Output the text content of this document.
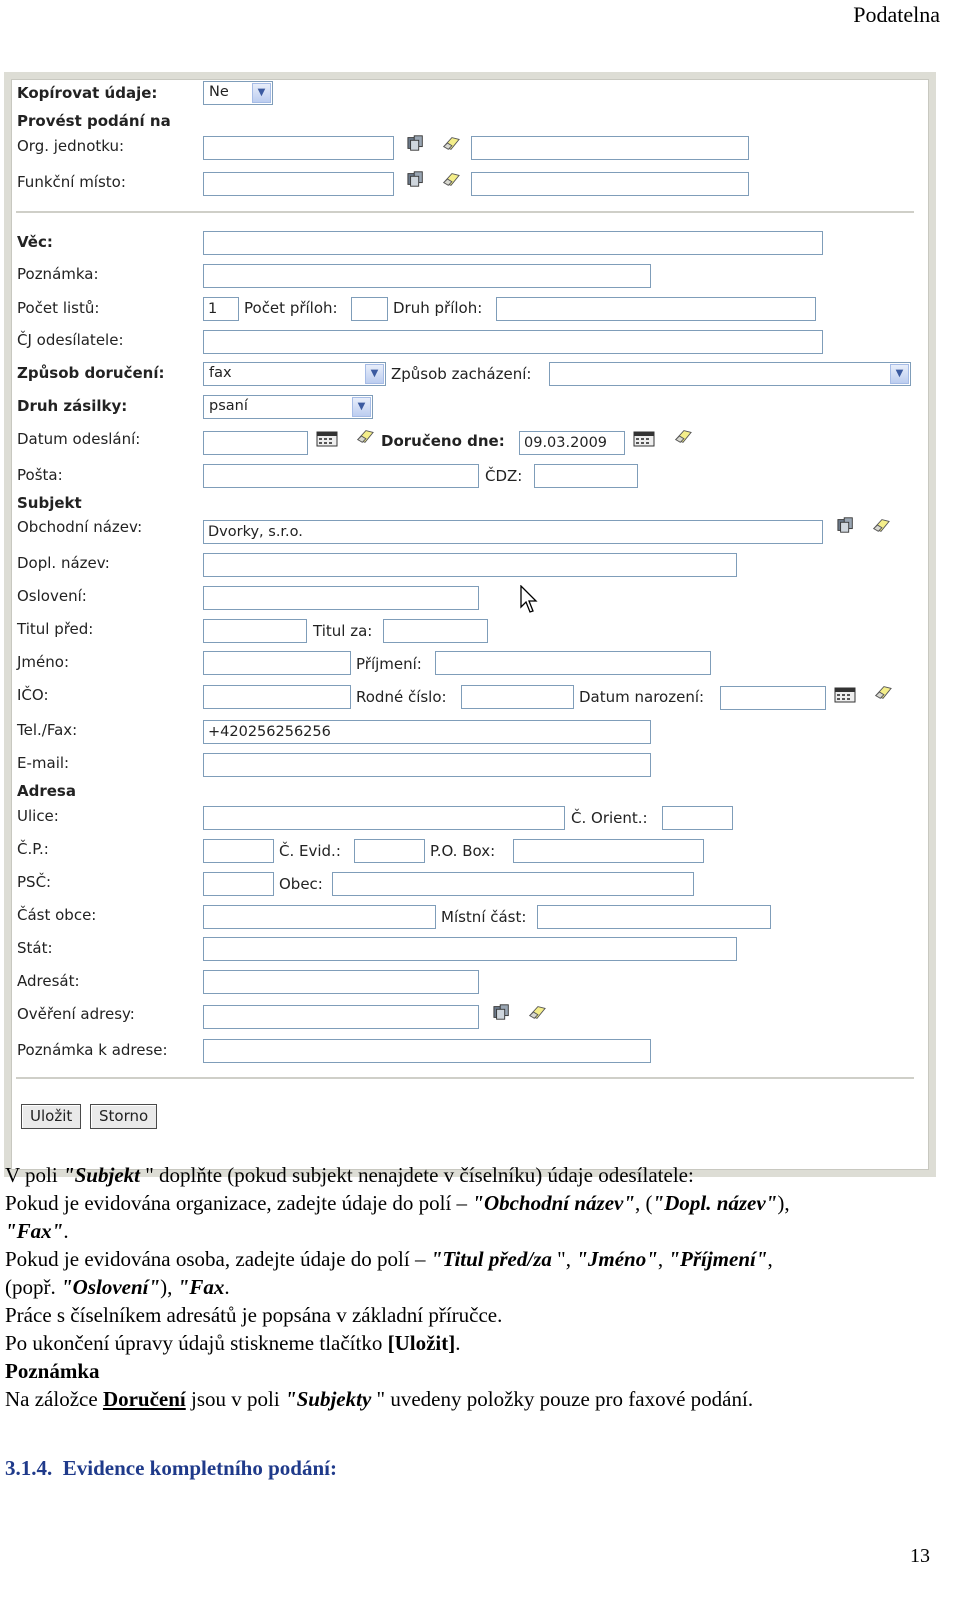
Podatelna
Kopírovat údaje:	Ne	▼
Provést podání na
Org. jednotku:
Funkční místo:
Věc:
Poznámka:
Počet listů:	1	Počet příloh:	Druh příloh:
ČJ odesílatele:
Způsob doručení:	fax	▼ Způsob zacházení:	▼
Druh zásilky:	psaní	▼
Datum odeslání:	Doručeno dne:	09.03.2009
Pošta:	ČDZ:
Subjekt
Obchodní název:	Dvorky, s.r.o.
Dopl. název:
Oslovení:
Titul před:	Titul za:
Jméno:	Příjmení:
IČO:	Rodné číslo:	Datum narození:
Tel./Fax:	+420256256256
E-mail:
Adresa
Ulice:	Č. Orient.:
Č.P.:	Č. Evid.:	P.O. Box:
PSČ:	Obec:
Část obce:	Místní část:
Stát:
Adresát:
Ověření adresy:
Poznámka k adrese:
Uložit	Storno
V poli "Subjekt " doplňte (pokud subjekt nenajdete v číselníku) údaje odesílatele:
Pokud je evidována organizace, zadejte údaje do polí – "Obchodní název", ("Dopl. název"),
"Fax".
Pokud je evidována osoba, zadejte údaje do polí – "Titul před/za ", "Jméno", "Příjmení",
(popř. "Oslovení"), "Fax.
Práce s číselníkem adresátů je popsána v základní příručce.
Po ukončení úpravy údajů stiskneme tlačítko [Uložit].
Poznámka
Na záložce Doručení jsou v poli "Subjekty " uvedeny položky pouze pro faxové podání.
3.1.4. Evidence kompletního podání:
13
